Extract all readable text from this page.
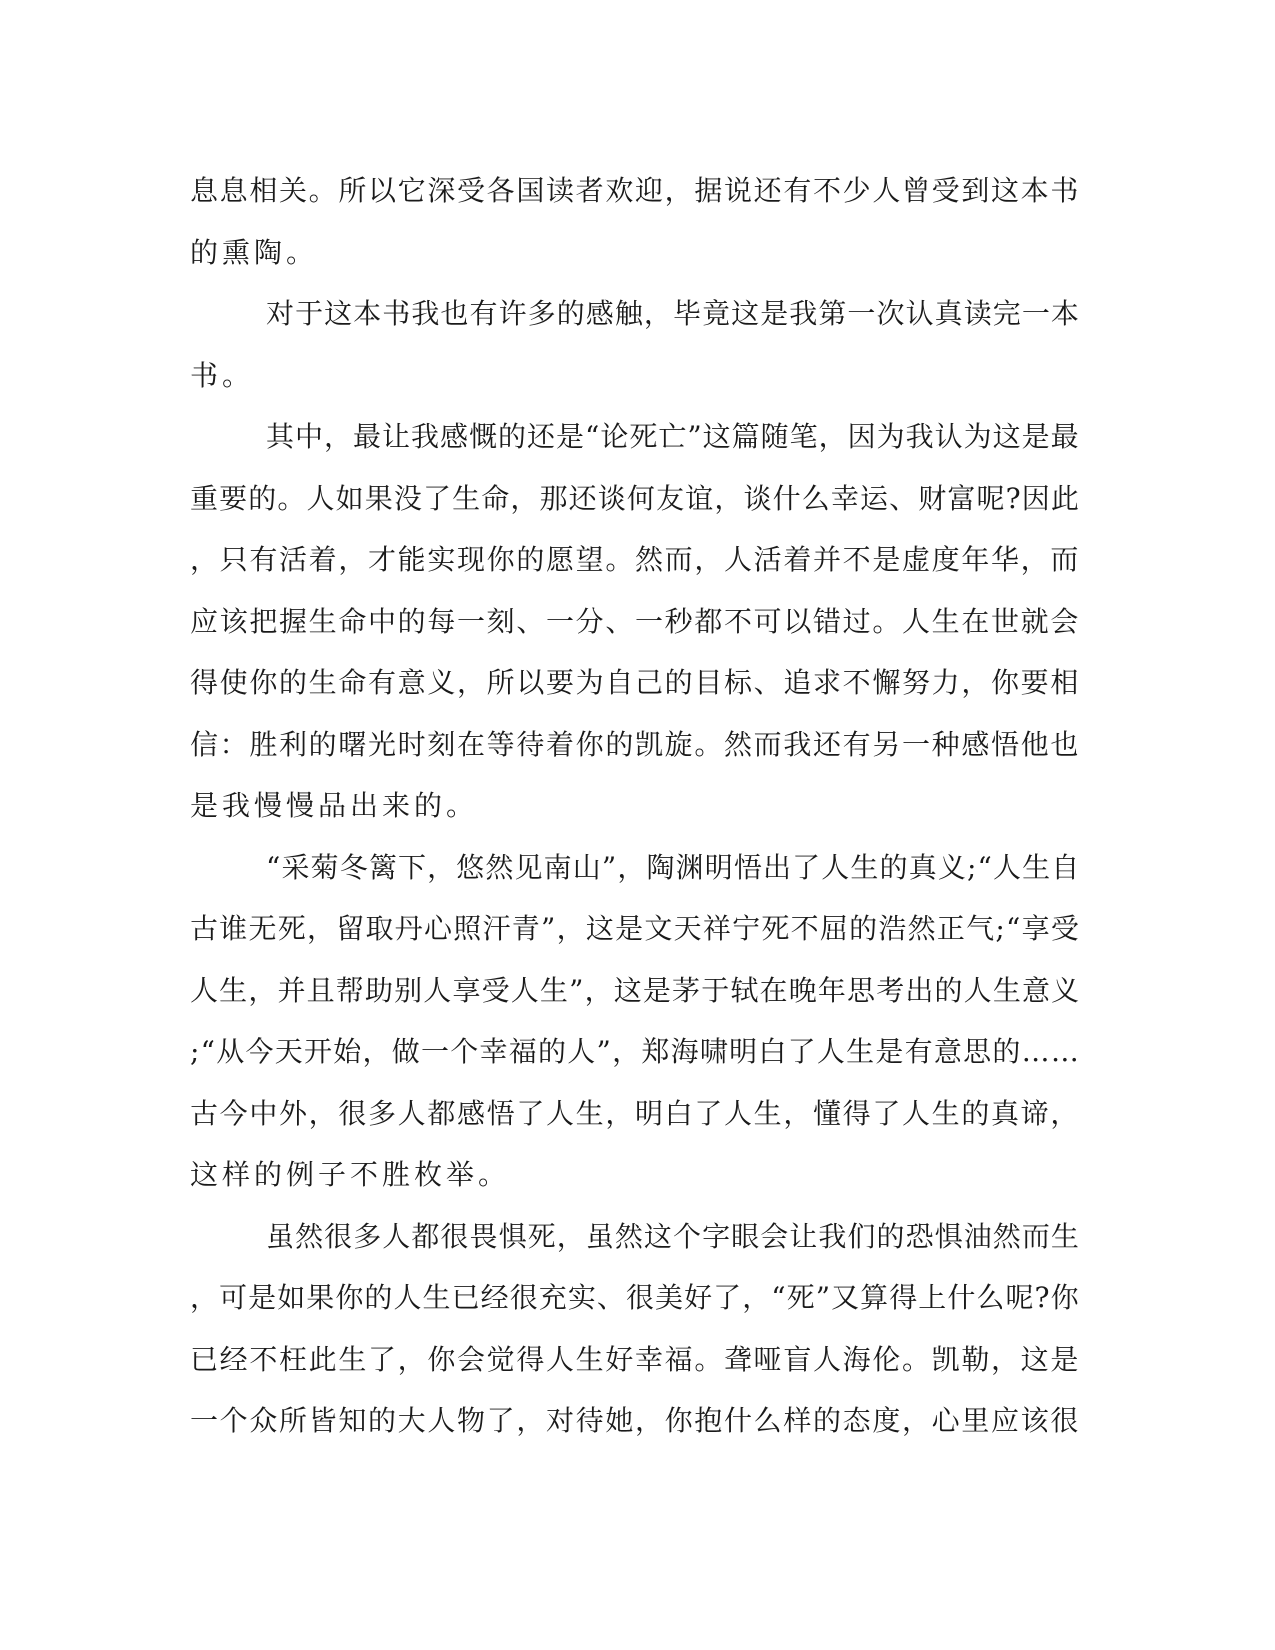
息息相关。所以它深受各国读者欢迎，据说还有不少人曾受到这本书
的熏陶。
对于这本书我也有许多的感触，毕竟这是我第一次认真读完一本
书。
其中，最让我感慨的还是“论死亡”这篇随笔，因为我认为这是最
重要的。人如果没了生命，那还谈何友谊，谈什么幸运、财富呢?因此
，只有活着，才能实现你的愿望。然而，人活着并不是虚度年华，而
应该把握生命中的每一刻、一分、一秒都不可以错过。人生在世就会
得使你的生命有意义，所以要为自己的目标、追求不懈努力，你要相
信：胜利的曙光时刻在等待着你的凯旋。然而我还有另一种感悟他也
是我慢慢品出来的。
“采菊冬篱下，悠然见南山”，陶渊明悟出了人生的真义;“人生自
古谁无死，留取丹心照汗青”，这是文天祥宁死不屈的浩然正气;“享受
人生，并且帮助别人享受人生”，这是茅于轼在晚年思考出的人生意义
;“从今天开始，做一个幸福的人”，郑海啸明白了人生是有意思的……
古今中外，很多人都感悟了人生，明白了人生，懂得了人生的真谛，
这样的例子不胜枚举。
虽然很多人都很畏惧死，虽然这个字眼会让我们的恐惧油然而生
，可是如果你的人生已经很充实、很美好了，“死”又算得上什么呢?你
已经不枉此生了，你会觉得人生好幸福。聋哑盲人海伦。凯勒，这是
一个众所皆知的大人物了，对待她，你抱什么样的态度，心里应该很
